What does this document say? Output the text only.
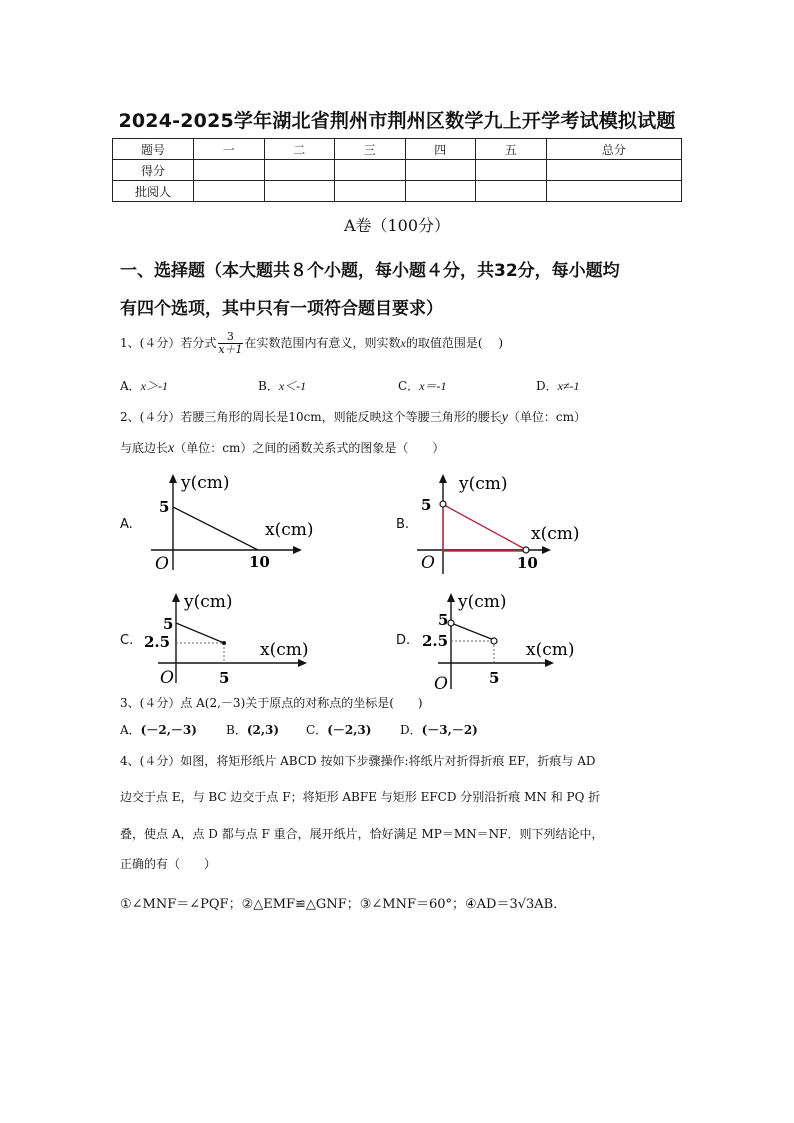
2024-2025学年湖北省荆州市荆州区数学九上开学考试模拟试题
题号	一	二	三	四	五	总分
得分						
批阅人						
A卷（100分）
一、选择题（本大题共８个小题，每小题４分，共32分，每小题均
有四个选项，其中只有一项符合题目要求）
1、(４分）若分式 $\frac{3}{x+1}$ 在实数范围内有意义，则实数x的取值范围是(　 )
A．x＞-1	B．x＜-1	C．x＝-1	D．x≠-1
2、(４分）若腰三角形的周长是10cm，则能反映这个等腰三角形的腰长y（单位：cm）
与底边长x（单位：cm）之间的函数关系式的图象是（　　）
A.
y(cm)
x(cm)
5
10
O
B.
y(cm)
x(cm)
5
10
O
C.
y(cm)
x(cm)
5
2.5
5
O
D.
y(cm)
x(cm)
5
2.5
5
O
3、(４分）点 A(2,－3)关于原点的对称点的坐标是(　　)
A．(－2,－3) B．(2,3) C．(－2,3) D．(－3,－2)
4、(４分）如图，将矩形纸片 ABCD 按如下步骤操作:将纸片对折得折痕 EF，折痕与 AD
边交于点 E，与 BC 边交于点 F；将矩形 ABFE 与矩形 EFCD 分别沿折痕 MN 和 PQ 折
叠，使点 A，点 D 都与点 F 重合，展开纸片，恰好满足 MP＝MN＝NF．则下列结论中，
正确的有（　　）
①∠MNF＝∠PQF；②△EMF≌△GNF；③∠MNF＝60°；④AD＝3√3AB．
